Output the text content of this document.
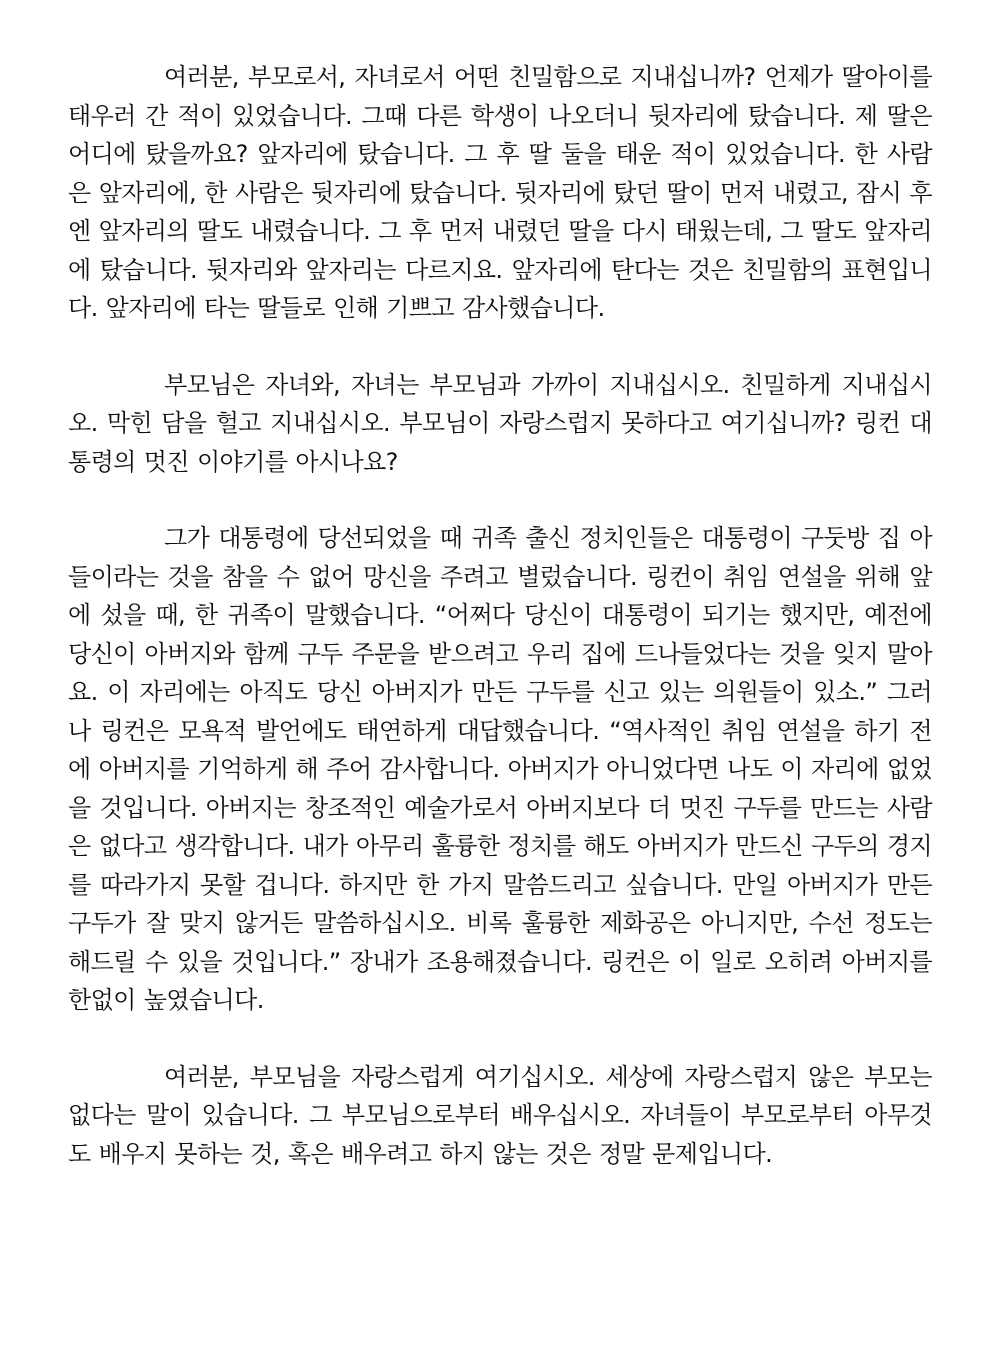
여러분, 부모로서, 자녀로서 어떤 친밀함으로 지내십니까? 언제가 딸아이를 태우러 간 적이 있었습니다. 그때 다른 학생이 나오더니 뒷자리에 탔습니다. 제 딸은 어디에 탔을까요? 앞자리에 탔습니다. 그 후 딸 둘을 태운 적이 있었습니다. 한 사람은 앞자리에, 한 사람은 뒷자리에 탔습니다. 뒷자리에 탔던 딸이 먼저 내렸고, 잠시 후엔 앞자리의 딸도 내렸습니다. 그 후 먼저 내렸던 딸을 다시 태웠는데, 그 딸도 앞자리에 탔습니다. 뒷자리와 앞자리는 다르지요. 앞자리에 탄다는 것은 친밀함의 표현입니다. 앞자리에 타는 딸들로 인해 기쁘고 감사했습니다.

부모님은 자녀와, 자녀는 부모님과 가까이 지내십시오. 친밀하게 지내십시오. 막힌 담을 헐고 지내십시오. 부모님이 자랑스럽지 못하다고 여기십니까? 링컨 대통령의 멋진 이야기를 아시나요?

그가 대통령에 당선되었을 때 귀족 출신 정치인들은 대통령이 구둣방 집 아들이라는 것을 참을 수 없어 망신을 주려고 별렀습니다. 링컨이 취임 연설을 위해 앞에 섰을 때, 한 귀족이 말했습니다. “어쩌다 당신이 대통령이 되기는 했지만, 예전에 당신이 아버지와 함께 구두 주문을 받으려고 우리 집에 드나들었다는 것을 잊지 말아요. 이 자리에는 아직도 당신 아버지가 만든 구두를 신고 있는 의원들이 있소.” 그러나 링컨은 모욕적 발언에도 태연하게 대답했습니다. “역사적인 취임 연설을 하기 전에 아버지를 기억하게 해 주어 감사합니다. 아버지가 아니었다면 나도 이 자리에 없었을 것입니다. 아버지는 창조적인 예술가로서 아버지보다 더 멋진 구두를 만드는 사람은 없다고 생각합니다. 내가 아무리 훌륭한 정치를 해도 아버지가 만드신 구두의 경지를 따라가지 못할 겁니다. 하지만 한 가지 말씀드리고 싶습니다. 만일 아버지가 만든 구두가 잘 맞지 않거든 말씀하십시오. 비록 훌륭한 제화공은 아니지만, 수선 정도는 해드릴 수 있을 것입니다.” 장내가 조용해졌습니다. 링컨은 이 일로 오히려 아버지를 한없이 높였습니다.

여러분, 부모님을 자랑스럽게 여기십시오. 세상에 자랑스럽지 않은 부모는 없다는 말이 있습니다. 그 부모님으로부터 배우십시오. 자녀들이 부모로부터 아무것도 배우지 못하는 것, 혹은 배우려고 하지 않는 것은 정말 문제입니다.
